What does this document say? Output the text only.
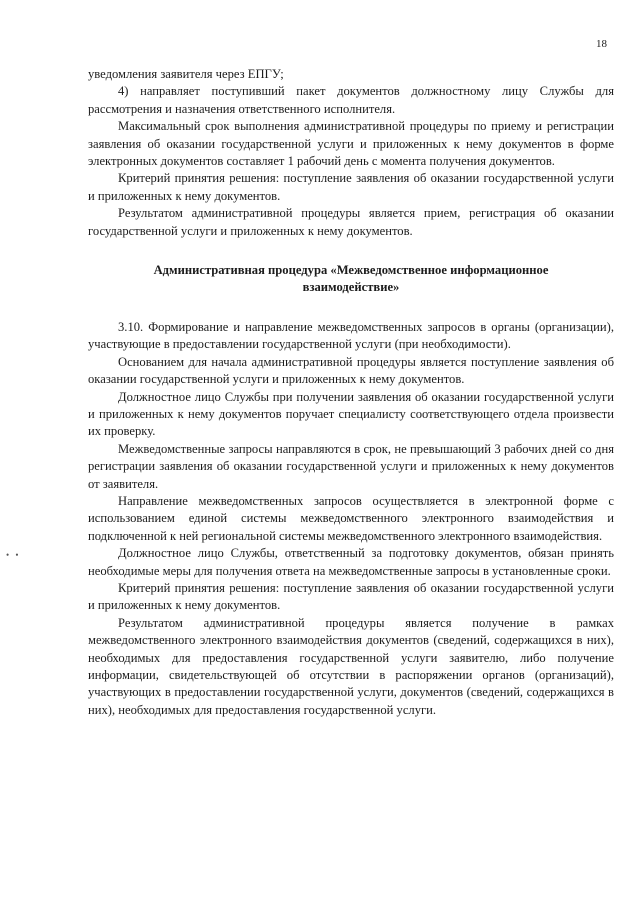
18
• •

уведомления заявителя через ЕПГУ;

4) направляет поступивший пакет документов должностному лицу Службы для рассмотрения и назначения ответственного исполнителя.

Максимальный срок выполнения административной процедуры по приему и регистрации заявления об оказании государственной услуги и приложенных к нему документов в форме электронных документов составляет 1 рабочий день с момента получения документов.

Критерий принятия решения: поступление заявления об оказании государственной услуги и приложенных к нему документов.

Результатом административной процедуры является прием, регистрация об оказании государственной услуги и приложенных к нему документов.

Административная процедура «Межведомственное информационное взаимодействие»

3.10. Формирование и направление межведомственных запросов в органы (организации), участвующие в предоставлении государственной услуги (при необходимости).

Основанием для начала административной процедуры является поступление заявления об оказании государственной услуги и приложенных к нему документов.

Должностное лицо Службы при получении заявления об оказании государственной услуги и приложенных к нему документов поручает специалисту соответствующего отдела произвести их проверку.

Межведомственные запросы направляются в срок, не превышающий 3 рабочих дней со дня регистрации заявления об оказании государственной услуги и приложенных к нему документов от заявителя.

Направление межведомственных запросов осуществляется в электронной форме с использованием единой системы межведомственного электронного взаимодействия и подключенной к ней региональной системы межведомственного электронного взаимодействия.

Должностное лицо Службы, ответственный за подготовку документов, обязан принять необходимые меры для получения ответа на межведомственные запросы в установленные сроки.

Критерий принятия решения: поступление заявления об оказании государственной услуги и приложенных к нему документов.

Результатом административной процедуры является получение в рамках межведомственного электронного взаимодействия документов (сведений, содержащихся в них), необходимых для предоставления государственной услуги заявителю, либо получение информации, свидетельствующей об отсутствии в распоряжении органов (организаций), участвующих в предоставлении государственной услуги, документов (сведений, содержащихся в них), необходимых для предоставления государственной услуги.
